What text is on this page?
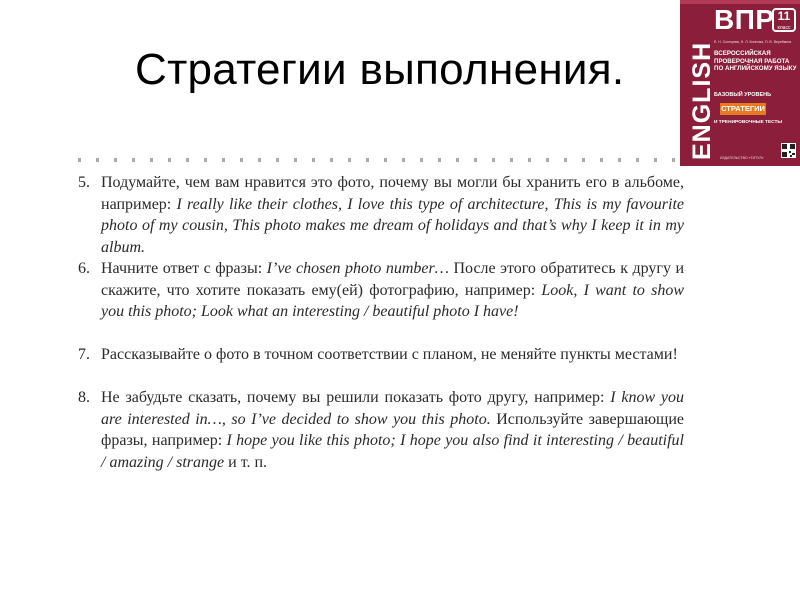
Стратегии выполнения.	ENGLISH
ВПР 11
класс
Е. Н. Солнцева, Н. Л. Коннова, П. В. Верейкина
ВСЕРОССИЙСКАЯ ПРОВЕРОЧНАЯ РАБОТА ПО АНГЛИЙСКОМУ ЯЗЫКУ
БАЗОВЫЙ УРОВЕНЬ
СТРАТЕГИИ
И ТРЕНИРОВОЧНЫЕ ТЕСТЫ
ИЗДАТЕЛЬСТВО «ТИТУЛ»
5. Подумайте, чем вам нравится это фото, почему вы могли бы хранить его в альбоме, например: I really like their clothes, I love this type of architecture, This is my favourite photo of my cousin, This photo makes me dream of holidays and that’s why I keep it in my album.
6. Начните ответ с фразы: I’ve chosen photo number… После этого обратитесь к другу и скажите, что хотите показать ему(ей) фотографию, например: Look, I want to show you this photo; Look what an interesting / beautiful photo I have!
7. Рассказывайте о фото в точном соответствии с планом, не меняйте пункты местами!
8. Не забудьте сказать, почему вы решили показать фото другу, например: I know you are interested in…, so I’ve decided to show you this photo. Используйте завершающие фразы, например: I hope you like this photo; I hope you also find it interesting / beautiful / amazing / strange и т. п.
